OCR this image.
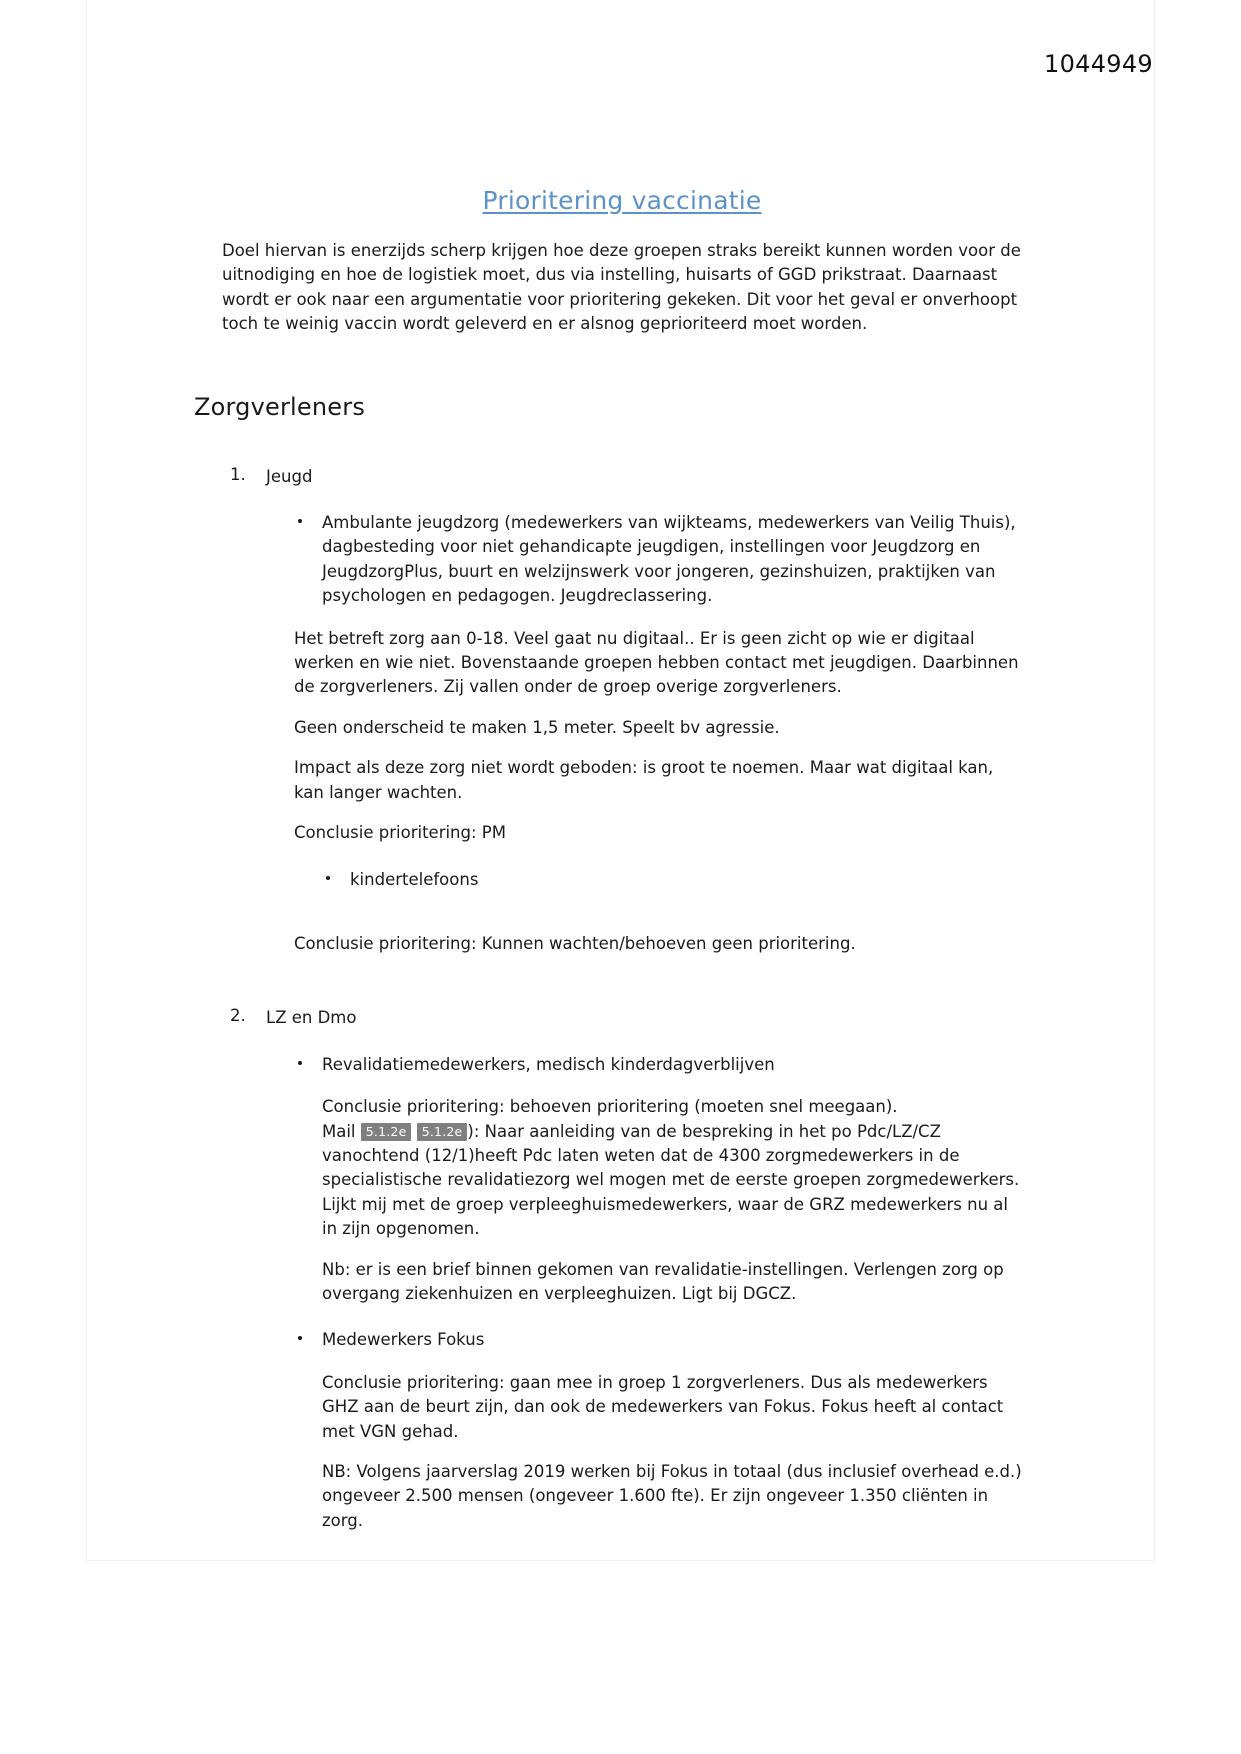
1044949
Prioritering vaccinatie

Doel hiervan is enerzijds scherp krijgen hoe deze groepen straks bereikt kunnen worden voor de uitnodiging en hoe de logistiek moet, dus via instelling, huisarts of GGD prikstraat. Daarnaast wordt er ook naar een argumentatie voor prioritering gekeken. Dit voor het geval er onverhoopt toch te weinig vaccin wordt geleverd en er alsnog geprioriteerd moet worden.

Zorgverleners
1. Jeugd
Ambulante jeugdzorg (medewerkers van wijkteams, medewerkers van Veilig Thuis), dagbesteding voor niet gehandicapte jeugdigen, instellingen voor Jeugdzorg en JeugdzorgPlus, buurt en welzijnswerk voor jongeren, gezinshuizen, praktijken van psychologen en pedagogen. Jeugdreclassering.

Het betreft zorg aan 0-18. Veel gaat nu digitaal.. Er is geen zicht op wie er digitaal werken en wie niet. Bovenstaande groepen hebben contact met jeugdigen. Daarbinnen de zorgverleners. Zij vallen onder de groep overige zorgverleners.

Geen onderscheid te maken 1,5 meter. Speelt bv agressie.

Impact als deze zorg niet wordt geboden: is groot te noemen. Maar wat digitaal kan, kan langer wachten.

Conclusie prioritering: PM

kindertelefoons

Conclusie prioritering: Kunnen wachten/behoeven geen prioritering.

2. LZ en Dmo
Revalidatiemedewerkers, medisch kinderdagverblijven

Conclusie prioritering: behoeven prioritering (moeten snel meegaan).

Mail 5.1.2e 5.1.2e ): Naar aanleiding van de bespreking in het po Pdc/LZ/CZ vanochtend (12/1)heeft Pdc laten weten dat de 4300 zorgmedewerkers in de specialistische revalidatiezorg wel mogen met de eerste groepen zorgmedewerkers. Lijkt mij met de groep verpleeghuismedewerkers, waar de GRZ medewerkers nu al in zijn opgenomen.

Nb: er is een brief binnen gekomen van revalidatie-instellingen. Verlengen zorg op overgang ziekenhuizen en verpleeghuizen. Ligt bij DGCZ.

Medewerkers Fokus

Conclusie prioritering: gaan mee in groep 1 zorgverleners. Dus als medewerkers GHZ aan de beurt zijn, dan ook de medewerkers van Fokus. Fokus heeft al contact met VGN gehad.

NB: Volgens jaarverslag 2019 werken bij Fokus in totaal (dus inclusief overhead e.d.) ongeveer 2.500 mensen (ongeveer 1.600 fte). Er zijn ongeveer 1.350 cliënten in zorg.
